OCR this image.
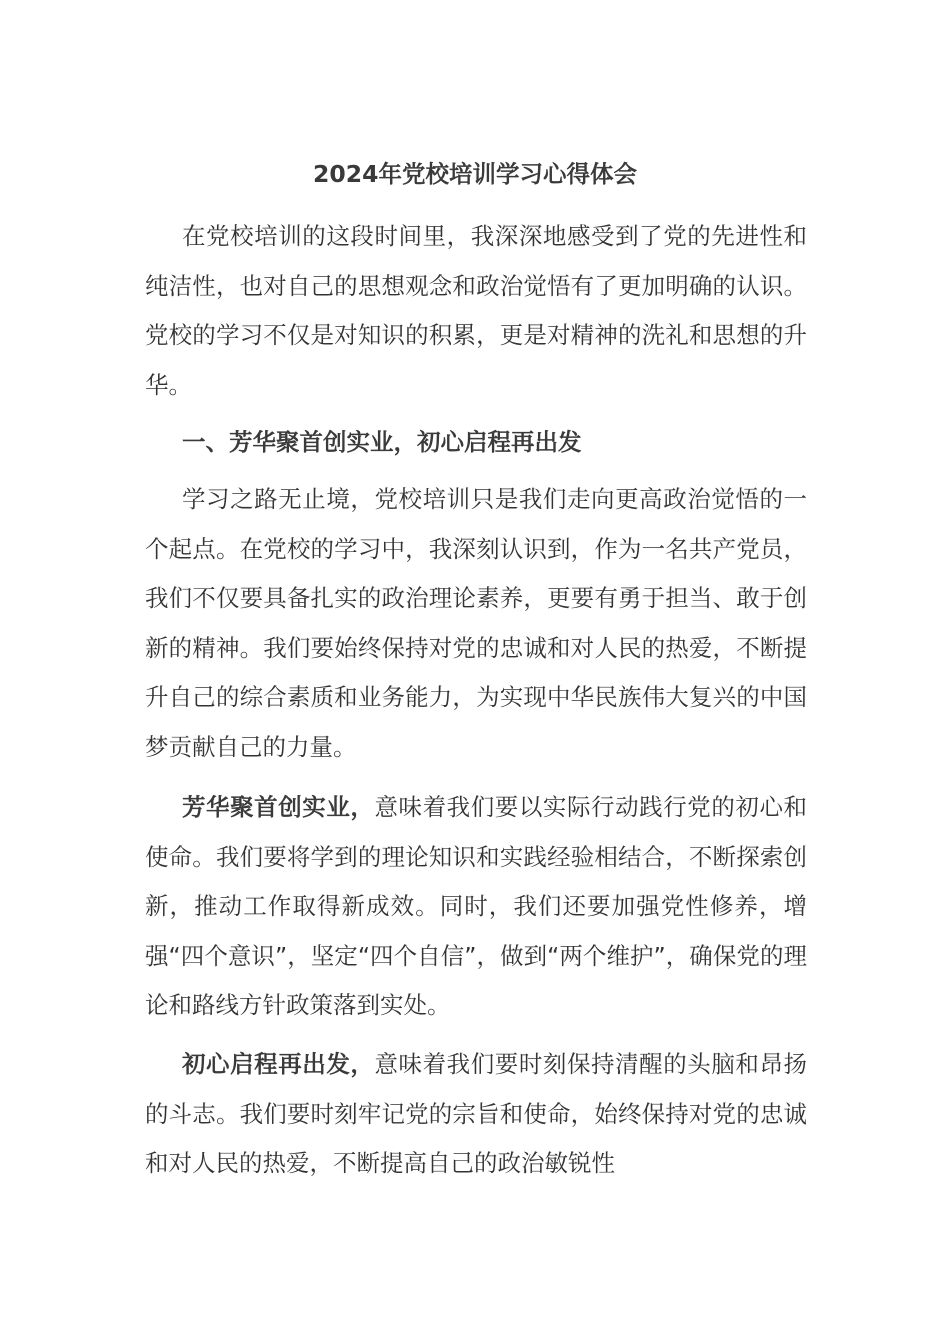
2024年党校培训学习心得体会

在党校培训的这段时间里，我深深地感受到了党的先进性和纯洁性，也对自己的思想观念和政治觉悟有了更加明确的认识。党校的学习不仅是对知识的积累，更是对精神的洗礼和思想的升华。

一、芳华聚首创实业，初心启程再出发

学习之路无止境，党校培训只是我们走向更高政治觉悟的一个起点。在党校的学习中，我深刻认识到，作为一名共产党员，我们不仅要具备扎实的政治理论素养，更要有勇于担当、敢于创新的精神。我们要始终保持对党的忠诚和对人民的热爱，不断提升自己的综合素质和业务能力，为实现中华民族伟大复兴的中国梦贡献自己的力量。

芳华聚首创实业，意味着我们要以实际行动践行党的初心和使命。我们要将学到的理论知识和实践经验相结合，不断探索创新，推动工作取得新成效。同时，我们还要加强党性修养，增强“四个意识”，坚定“四个自信”，做到“两个维护”，确保党的理论和路线方针政策落到实处。

初心启程再出发，意味着我们要时刻保持清醒的头脑和昂扬的斗志。我们要时刻牢记党的宗旨和使命，始终保持对党的忠诚和对人民的热爱，不断提高自己的政治敏锐性
